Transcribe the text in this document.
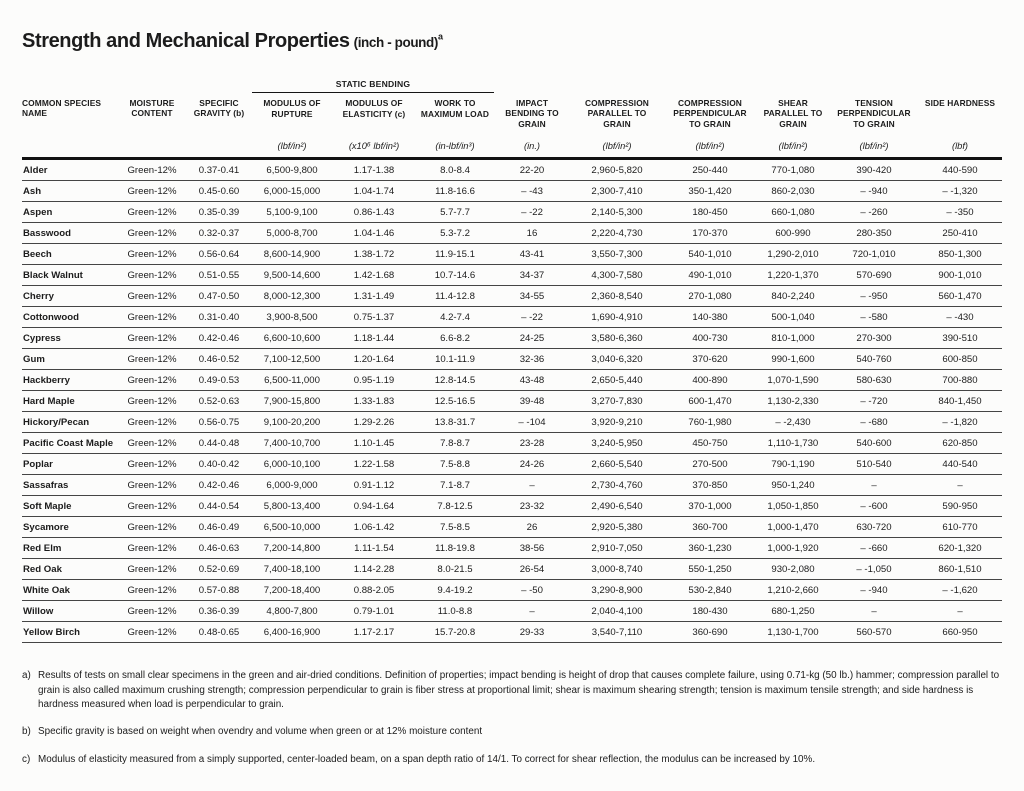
Strength and Mechanical Properties (inch - pound)$^a$
			STATIC BENDING								
COMMON SPECIES NAME	MOISTURE CONTENT	SPECIFIC GRAVITY (b)	MODULUS OF RUPTURE	MODULUS OF ELASTICITY (c)	WORK TO MAXIMUM LOAD	IMPACT BENDING TO GRAIN	COMPRESSION PARALLEL TO GRAIN	COMPRESSION PERPENDICULAR TO GRAIN	SHEAR PARALLEL TO GRAIN	TENSION PERPENDICULAR TO GRAIN	SIDE HARDNESS
			(lbf/in²)	(x10⁶ lbf/in²)	(in-lbf/in³)	(in.)	(lbf/in²)	(lbf/in²)	(lbf/in²)	(lbf/in²)	(lbf)
Alder	Green-12%	0.37-0.41	6,500-9,800	1.17-1.38	8.0-8.4	22-20	2,960-5,820	250-440	770-1,080	390-420	440-590
Ash	Green-12%	0.45-0.60	6,000-15,000	1.04-1.74	11.8-16.6	– -43	2,300-7,410	350-1,420	860-2,030	– -940	– -1,320
Aspen	Green-12%	0.35-0.39	5,100-9,100	0.86-1.43	5.7-7.7	– -22	2,140-5,300	180-450	660-1,080	– -260	– -350
Basswood	Green-12%	0.32-0.37	5,000-8,700	1.04-1.46	5.3-7.2	16	2,220-4,730	170-370	600-990	280-350	250-410
Beech	Green-12%	0.56-0.64	8,600-14,900	1.38-1.72	11.9-15.1	43-41	3,550-7,300	540-1,010	1,290-2,010	720-1,010	850-1,300
Black Walnut	Green-12%	0.51-0.55	9,500-14,600	1.42-1.68	10.7-14.6	34-37	4,300-7,580	490-1,010	1,220-1,370	570-690	900-1,010
Cherry	Green-12%	0.47-0.50	8,000-12,300	1.31-1.49	11.4-12.8	34-55	2,360-8,540	270-1,080	840-2,240	– -950	560-1,470
Cottonwood	Green-12%	0.31-0.40	3,900-8,500	0.75-1.37	4.2-7.4	– -22	1,690-4,910	140-380	500-1,040	– -580	– -430
Cypress	Green-12%	0.42-0.46	6,600-10,600	1.18-1.44	6.6-8.2	24-25	3,580-6,360	400-730	810-1,000	270-300	390-510
Gum	Green-12%	0.46-0.52	7,100-12,500	1.20-1.64	10.1-11.9	32-36	3,040-6,320	370-620	990-1,600	540-760	600-850
Hackberry	Green-12%	0.49-0.53	6,500-11,000	0.95-1.19	12.8-14.5	43-48	2,650-5,440	400-890	1,070-1,590	580-630	700-880
Hard Maple	Green-12%	0.52-0.63	7,900-15,800	1.33-1.83	12.5-16.5	39-48	3,270-7,830	600-1,470	1,130-2,330	– -720	840-1,450
Hickory/Pecan	Green-12%	0.56-0.75	9,100-20,200	1.29-2.26	13.8-31.7	– -104	3,920-9,210	760-1,980	– -2,430	– -680	– -1,820
Pacific Coast Maple	Green-12%	0.44-0.48	7,400-10,700	1.10-1.45	7.8-8.7	23-28	3,240-5,950	450-750	1,110-1,730	540-600	620-850
Poplar	Green-12%	0.40-0.42	6,000-10,100	1.22-1.58	7.5-8.8	24-26	2,660-5,540	270-500	790-1,190	510-540	440-540
Sassafras	Green-12%	0.42-0.46	6,000-9,000	0.91-1.12	7.1-8.7	–	2,730-4,760	370-850	950-1,240	–	–
Soft Maple	Green-12%	0.44-0.54	5,800-13,400	0.94-1.64	7.8-12.5	23-32	2,490-6,540	370-1,000	1,050-1,850	– -600	590-950
Sycamore	Green-12%	0.46-0.49	6,500-10,000	1.06-1.42	7.5-8.5	26	2,920-5,380	360-700	1,000-1,470	630-720	610-770
Red Elm	Green-12%	0.46-0.63	7,200-14,800	1.11-1.54	11.8-19.8	38-56	2,910-7,050	360-1,230	1,000-1,920	– -660	620-1,320
Red Oak	Green-12%	0.52-0.69	7,400-18,100	1.14-2.28	8.0-21.5	26-54	3,000-8,740	550-1,250	930-2,080	– -1,050	860-1,510
White Oak	Green-12%	0.57-0.88	7,200-18,400	0.88-2.05	9.4-19.2	– -50	3,290-8,900	530-2,840	1,210-2,660	– -940	– -1,620
Willow	Green-12%	0.36-0.39	4,800-7,800	0.79-1.01	11.0-8.8	–	2,040-4,100	180-430	680-1,250	–	–
Yellow Birch	Green-12%	0.48-0.65	6,400-16,900	1.17-2.17	15.7-20.8	29-33	3,540-7,110	360-690	1,130-1,700	560-570	660-950
a) Results of tests on small clear specimens in the green and air-dried conditions. Definition of properties; impact bending is height of drop that causes complete failure, using 0.71-kg (50 lb.) hammer; compression parallel to grain is also called maximum crushing strength; compression perpendicular to grain is fiber stress at proportional limit; shear is maximum shearing strength; tension is maximum tensile strength; and side hardness is hardness measured when load is perpendicular to grain.
b) Specific gravity is based on weight when ovendry and volume when green or at 12% moisture content
c) Modulus of elasticity measured from a simply supported, center-loaded beam, on a span depth ratio of 14/1. To correct for shear reflection, the modulus can be increased by 10%.
